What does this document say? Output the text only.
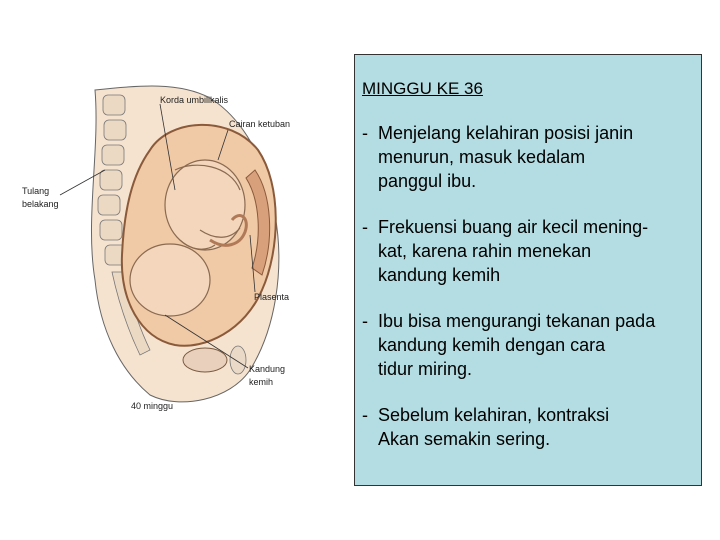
Korda umbilikalis
Cairan ketuban
Tulang
belakang
Plasenta
Kandung
kemih
40 minggu
MINGGU KE 36
- Menjelang kelahiran posisi janin
menurun, masuk kedalam
panggul ibu.
- Frekuensi buang air kecil mening-
kat, karena rahin menekan
kandung kemih
- Ibu bisa mengurangi tekanan pada
kandung kemih dengan cara
tidur miring.
- Sebelum kelahiran, kontraksi
Akan semakin sering.
